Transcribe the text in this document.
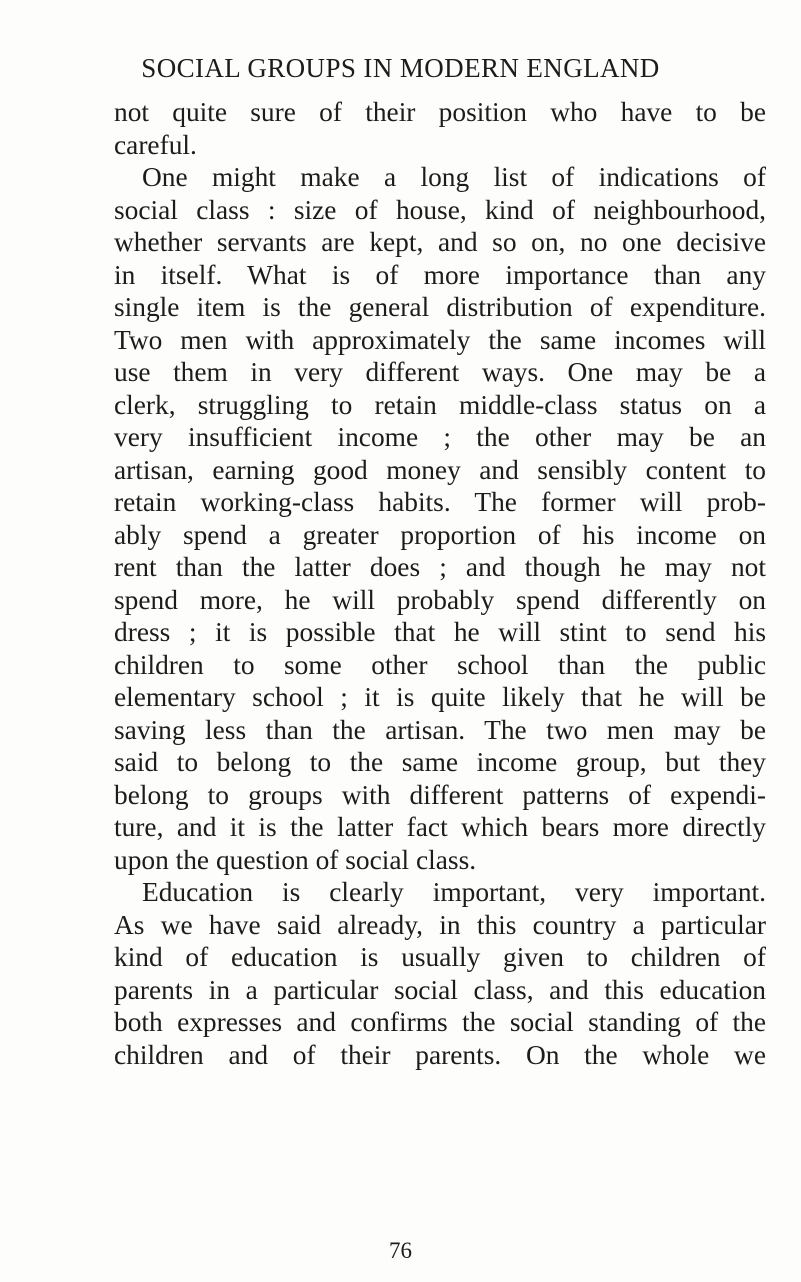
SOCIAL GROUPS IN MODERN ENGLAND
not quite sure of their position who have to be
careful.
One might make a long list of indications of
social class : size of house, kind of neighbourhood,
whether servants are kept, and so on, no one decisive
in itself. What is of more importance than any
single item is the general distribution of expenditure.
Two men with approximately the same incomes will
use them in very different ways. One may be a
clerk, struggling to retain middle-class status on a
very insufficient income ; the other may be an
artisan, earning good money and sensibly content to
retain working-class habits. The former will prob-
ably spend a greater proportion of his income on
rent than the latter does ; and though he may not
spend more, he will probably spend differently on
dress ; it is possible that he will stint to send his
children to some other school than the public
elementary school ; it is quite likely that he will be
saving less than the artisan. The two men may be
said to belong to the same income group, but they
belong to groups with different patterns of expendi-
ture, and it is the latter fact which bears more directly
upon the question of social class.
Education is clearly important, very important.
As we have said already, in this country a particular
kind of education is usually given to children of
parents in a particular social class, and this education
both expresses and confirms the social standing of the
children and of their parents. On the whole we
76
